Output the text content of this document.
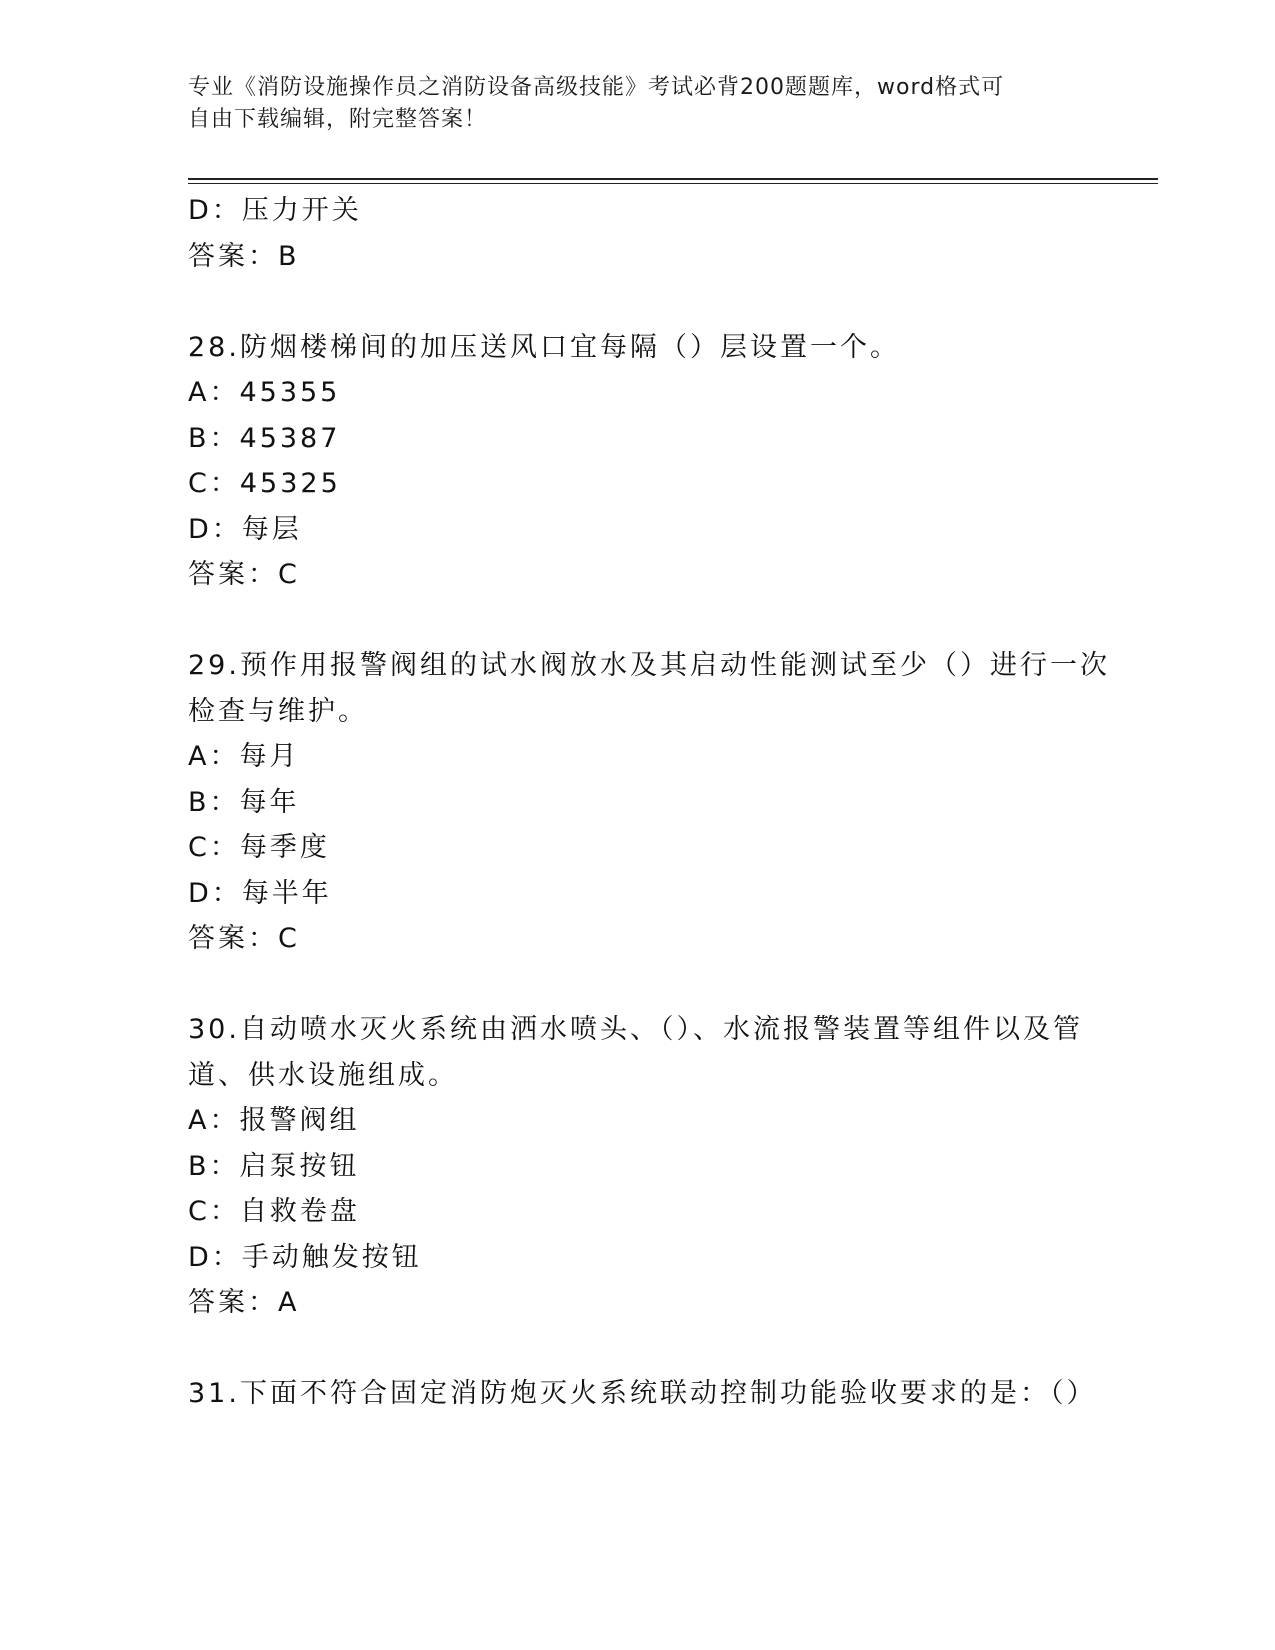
专业《消防设施操作员之消防设备高级技能》考试必背200题题库，word格式可
自由下载编辑，附完整答案！
D：压力开关
答案：B
28.防烟楼梯间的加压送风口宜每隔（）层设置一个。
A：45355
B：45387
C：45325
D：每层
答案：C
29.预作用报警阀组的试水阀放水及其启动性能测试至少（）进行一次
检查与维护。
A：每月
B：每年
C：每季度
D：每半年
答案：C
30.自动喷水灭火系统由洒水喷头、（）、水流报警装置等组件以及管
道、供水设施组成。
A：报警阀组
B：启泵按钮
C：自救卷盘
D：手动触发按钮
答案：A
31.下面不符合固定消防炮灭火系统联动控制功能验收要求的是：（）
